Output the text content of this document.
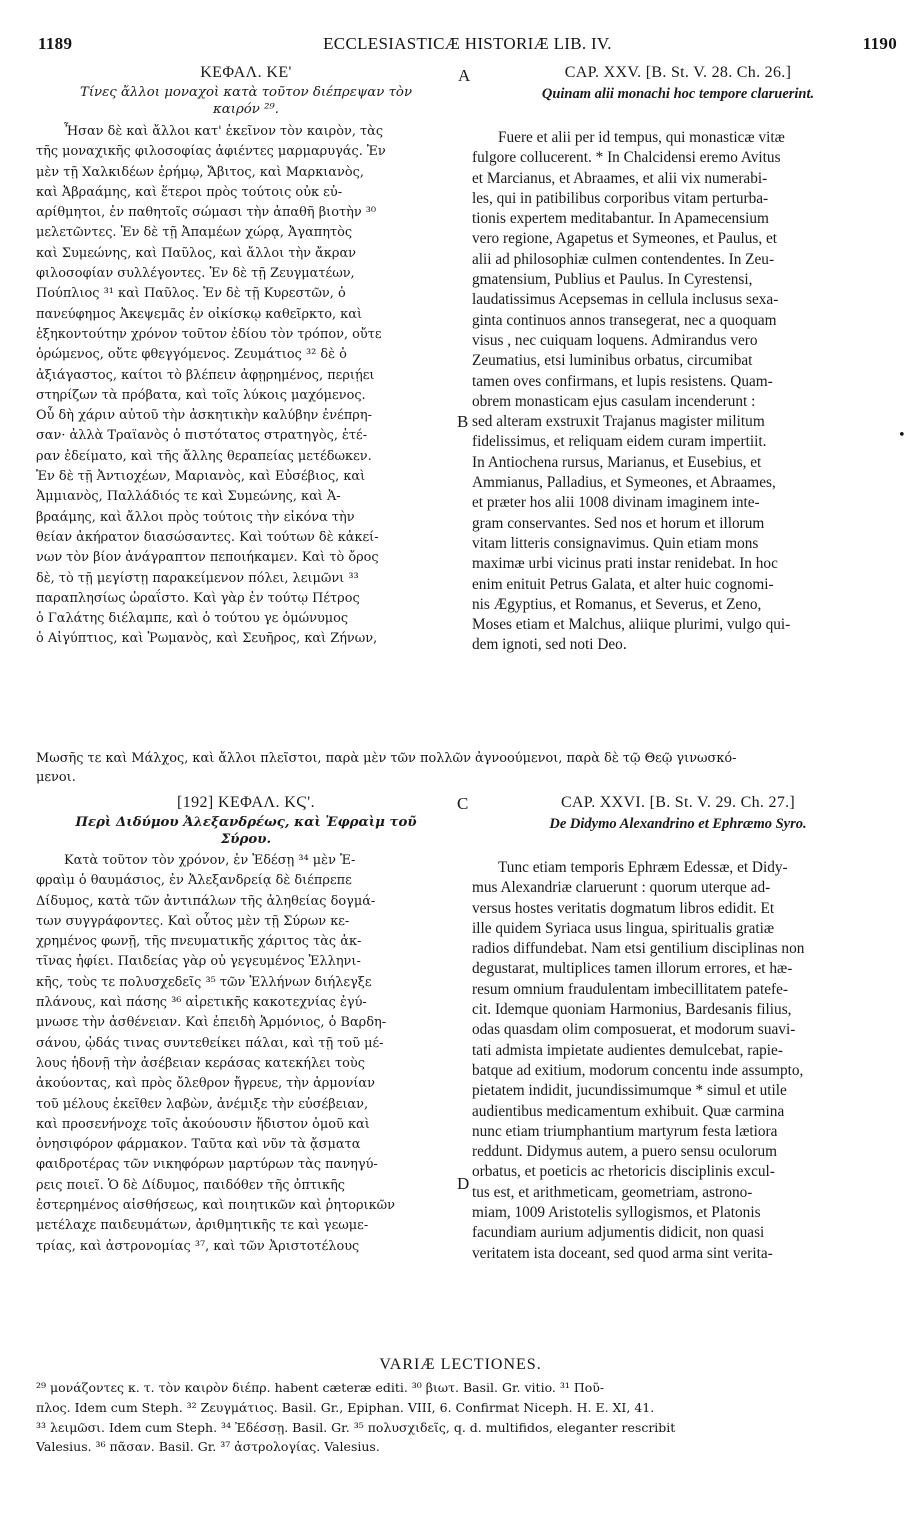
1189	ECCLESIASTICÆ HISTORIÆ LIB. IV.	1190
ΚΕΦΑΛ. ΚΕ'
Τίνες ἄλλοι μοναχοὶ κατὰ τοῦτον διέπρεψαν τὸν
καιρόν ²⁹.
Ἦσαν δὲ καὶ ἄλλοι κατ' ἐκεῖνον τὸν καιρὸν, τὰς
τῆς μοναχικῆς φιλοσοφίας ἀφιέντες μαρμαρυγάς. Ἐν
μὲν τῇ Χαλκιδέων ἐρήμῳ, Ἄβιτος, καὶ Μαρκιανὸς,
καὶ Ἀβραάμης, καὶ ἕτεροι πρὸς τούτοις οὐκ εὐ-
αρίθμητοι, ἐν παθητοῖς σώμασι τὴν ἀπαθῆ βιοτὴν ³⁰
μελετῶντες. Ἐν δὲ τῇ Ἀπαμέων χώρᾳ, Ἀγαπητὸς
καὶ Συμεώνης, καὶ Παῦλος, καὶ ἄλλοι τὴν ἄκραν
φιλοσοφίαν συλλέγοντες. Ἐν δὲ τῇ Ζευγματέων,
Πούπλιος ³¹ καὶ Παῦλος. Ἐν δὲ τῇ Κυρεστῶν, ὁ
πανεύφημος Ἀκεψεμᾶς ἐν οἰκίσκῳ καθεῖρκτο, καὶ
ἑξηκοντούτην χρόνον τοῦτον ἐδίου τὸν τρόπον, οὔτε
ὁρώμενος, οὔτε φθεγγόμενος. Ζευμάτιος ³² δὲ ὁ
ἀξιάγαστος, καίτοι τὸ βλέπειν ἀφῃρημένος, περιῄει
στηρίζων τὰ πρόβατα, καὶ τοῖς λύκοις μαχόμενος.
Οὗ δὴ χάριν αὐτοῦ τὴν ἀσκητικὴν καλύβην ἐνέπρη-
σαν· ἀλλὰ Τραϊανὸς ὁ πιστότατος στρατηγὸς, ἑτέ-
ραν ἐδείματο, καὶ τῆς ἄλλης θεραπείας μετέδωκεν.
Ἐν δὲ τῇ Ἀντιοχέων, Μαριανὸς, καὶ Εὐσέβιος, καὶ
Ἀμμιανὸς, Παλλάδιός τε καὶ Συμεώνης, καὶ Ἀ-
βραάμης, καὶ ἄλλοι πρὸς τούτοις τὴν εἰκόνα τὴν
θείαν ἀκήρατον διασώσαντες. Καὶ τούτων δὲ κἀκεί-
νων τὸν βίον ἀνάγραπτον πεποιήκαμεν. Καὶ τὸ ὄρος
δὲ, τὸ τῇ μεγίστῃ παρακείμενον πόλει, λειμῶνι ³³
παραπλησίως ὡραΐστο. Καὶ γὰρ ἐν τούτῳ Πέτρος
ὁ Γαλάτης διέλαμπε, καὶ ὁ τούτου γε ὁμώνυμος
ὁ Αἰγύπτιος, καὶ Ῥωμανὸς, καὶ Σευῆρος, καὶ Ζήνων,
CAP. XXV. [B. St. V. 28. Ch. 26.]
Quinam alii monachi hoc tempore claruerint.
Fuere et alii per id tempus, qui monasticæ vitæ
fulgore collucerent. * In Chalcidensi eremo Avitus
et Marcianus, et Abraames, et alii vix numerabi-
les, qui in patibilibus corporibus vitam perturba-
tionis expertem meditabantur. In Apamecensium
vero regione, Agapetus et Symeones, et Paulus, et
alii ad philosophiæ culmen contendentes. In Zeu-
gmatensium, Publius et Paulus. In Cyrestensi,
laudatissimus Acepsemas in cellula inclusus sexa-
ginta continuos annos transegerat, nec a quoquam
visus , nec cuiquam loquens. Admirandus vero
Zeumatius, etsi luminibus orbatus, circumibat
tamen oves confirmans, et lupis resistens. Quam-
obrem monasticam ejus casulam incenderunt :
sed alteram exstruxit Trajanus magister militum
fidelissimus, et reliquam eidem curam impertiit.
In Antiochena rursus, Marianus, et Eusebius, et
Ammianus, Palladius, et Symeones, et Abraames,
et præter hos alii 1008 divinam imaginem inte-
gram conservantes. Sed nos et horum et illorum
vitam litteris consignavimus. Quin etiam mons
maximæ urbi vicinus prati instar renidebat. In hoc
enim enituit Petrus Galata, et alter huic cognomi-
nis Ægyptius, et Romanus, et Severus, et Zeno,
Moses etiam et Malchus, aliique plurimi, vulgo qui-
dem ignoti, sed noti Deo.
A
B
C
D
•
Μωσῆς τε καὶ Μάλχος, καὶ ἄλλοι πλεῖστοι, παρὰ μὲν τῶν πολλῶν ἀγνοούμενοι, παρὰ δὲ τῷ Θεῷ γινωσκό-
μενοι.
[192] ΚΕΦΑΛ. ΚϚ'.
Περὶ Διδύμου Ἀλεξανδρέως, καὶ Ἐφραὶμ τοῦ
Σύρου.
Κατὰ τοῦτον τὸν χρόνον, ἐν Ἐδέσῃ ³⁴ μὲν Ἐ-
φραὶμ ὁ θαυμάσιος, ἐν Ἀλεξανδρείᾳ δὲ διέπρεπε
Δίδυμος, κατὰ τῶν ἀντιπάλων τῆς ἀληθείας δογμά-
των συγγράφοντες. Καὶ οὗτος μὲν τῇ Σύρων κε-
χρημένος φωνῇ, τῆς πνευματικῆς χάριτος τὰς ἀκ-
τῖνας ἠφίει. Παιδείας γὰρ οὐ γεγευμένος Ἑλληνι-
κῆς, τοὺς τε πολυσχεδεῖς ³⁵ τῶν Ἑλλήνων διήλεγξε
πλάνους, καὶ πάσης ³⁶ αἱρετικῆς κακοτεχνίας ἐγύ-
μνωσε τὴν ἀσθένειαν. Καὶ ἐπειδὴ Ἁρμόνιος, ὁ Βαρδη-
σάνου, ᾠδάς τινας συντεθείκει πάλαι, καὶ τῇ τοῦ μέ-
λους ἡδονῇ τὴν ἀσέβειαν κεράσας κατεκήλει τοὺς
ἀκούοντας, καὶ πρὸς ὄλεθρον ἤγρευε, τὴν ἁρμονίαν
τοῦ μέλους ἐκεῖθεν λαβὼν, ἀνέμιξε τὴν εὐσέβειαν,
καὶ προσενήνοχε τοῖς ἀκούουσιν ἥδιστον ὁμοῦ καὶ
ὀνησιφόρον φάρμακον. Ταῦτα καὶ νῦν τὰ ᾄσματα
φαιδροτέρας τῶν νικηφόρων μαρτύρων τὰς πανηγύ-
ρεις ποιεῖ. Ὁ δὲ Δίδυμος, παιδόθεν τῆς ὀπτικῆς
ἐστερημένος αἰσθήσεως, καὶ ποιητικῶν καὶ ῥητορικῶν
μετέλαχε παιδευμάτων, ἀριθμητικῆς τε καὶ γεωμε-
τρίας, καὶ ἀστρονομίας ³⁷, καὶ τῶν Ἀριστοτέλους
CAP. XXVI. [B. St. V. 29. Ch. 27.]
De Didymo Alexandrino et Ephræmo Syro.
Tunc etiam temporis Ephræm Edessæ, et Didy-
mus Alexandriæ claruerunt : quorum uterque ad-
versus hostes veritatis dogmatum libros edidit. Et
ille quidem Syriaca usus lingua, spiritualis gratiæ
radios diffundebat. Nam etsi gentilium disciplinas non
degustarat, multiplices tamen illorum errores, et hæ-
resum omnium fraudulentam imbecillitatem patefe-
cit. Idemque quoniam Harmonius, Bardesanis filius,
odas quasdam olim composuerat, et modorum suavi-
tati admista impietate audientes demulcebat, rapie-
batque ad exitium, modorum concentu inde assumpto,
pietatem indidit, jucundissimumque * simul et utile
audientibus medicamentum exhibuit. Quæ carmina
nunc etiam triumphantium martyrum festa lætiora
reddunt. Didymus autem, a puero sensu oculorum
orbatus, et poeticis ac rhetoricis disciplinis excul-
tus est, et arithmeticam, geometriam, astrono-
miam, 1009 Aristotelis syllogismos, et Platonis
facundiam aurium adjumentis didicit, non quasi
veritatem ista doceant, sed quod arma sint verita-
VARIÆ LECTIONES.
²⁹ μονάζοντες κ. τ. τὸν καιρὸν διέπρ. habent cæteræ editi. ³⁰ βιωτ. Basil. Gr. vitio. ³¹ Ποῦ-
πλος. Idem cum Steph. ³² Ζευγμάτιος. Basil. Gr., Epiphan. VIII, 6. Confirmat Niceph. H. E. XI, 41.
³³ λειμῶσι. Idem cum Steph. ³⁴ Ἐδέσσῃ. Basil. Gr. ³⁵ πολυσχιδεῖς, q. d. multifidos, eleganter rescribit
Valesius. ³⁶ πᾶσαν. Basil. Gr. ³⁷ ἀστρολογίας. Valesius.
